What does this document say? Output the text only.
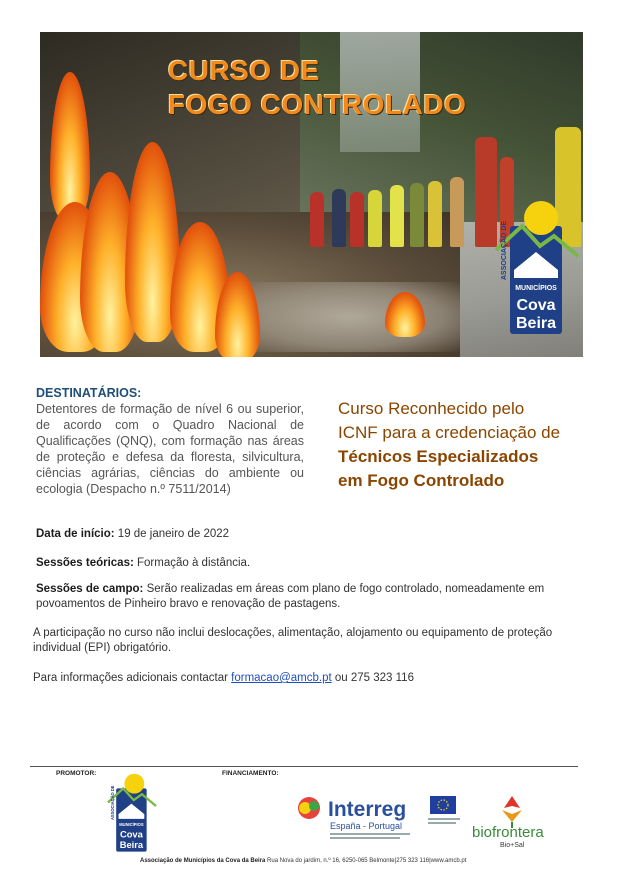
CURSO DE
FOGO CONTROLADO
ASSOCIAÇÃO DE
MUNICÍPIOS
Cova
Beira
DESTINATÁRIOS:

Detentores de formação de nível 6 ou superior, de acordo com o Quadro Nacional de Qualificações (QNQ), com formação nas áreas de proteção e defesa da floresta, silvicultura, ciências agrárias, ciências do ambiente ou ecologia (Despacho n.º 7511/2014)

Curso Reconhecido pelo
ICNF para a credenciação de
Técnicos Especializados
em Fogo Controlado
Data de início: 19 de janeiro de 2022
Sessões teóricas: Formação à distância.
Sessões de campo: Serão realizadas em áreas com plano de fogo controlado, nomeadamente em povoamentos de Pinheiro bravo e renovação de pastagens.
A participação no curso não inclui deslocações, alimentação, alojamento ou equipamento de proteção individual (EPI) obrigatório.
Para informações adicionais contactar formacao@amcb.pt ou 275 323 116
PROMOTOR:	FINANCIAMENTO:
ASSOCIAÇÃO DE
MUNICÍPIOS
Cova
Beira
Interreg
España - Portugal	biofrontera
Bio+Sal
Associação de Municípios da Cova da Beira Rua Nova do jardim, n.º 16, 6250-065 Belmonte|275 323 116|www.amcb.pt
